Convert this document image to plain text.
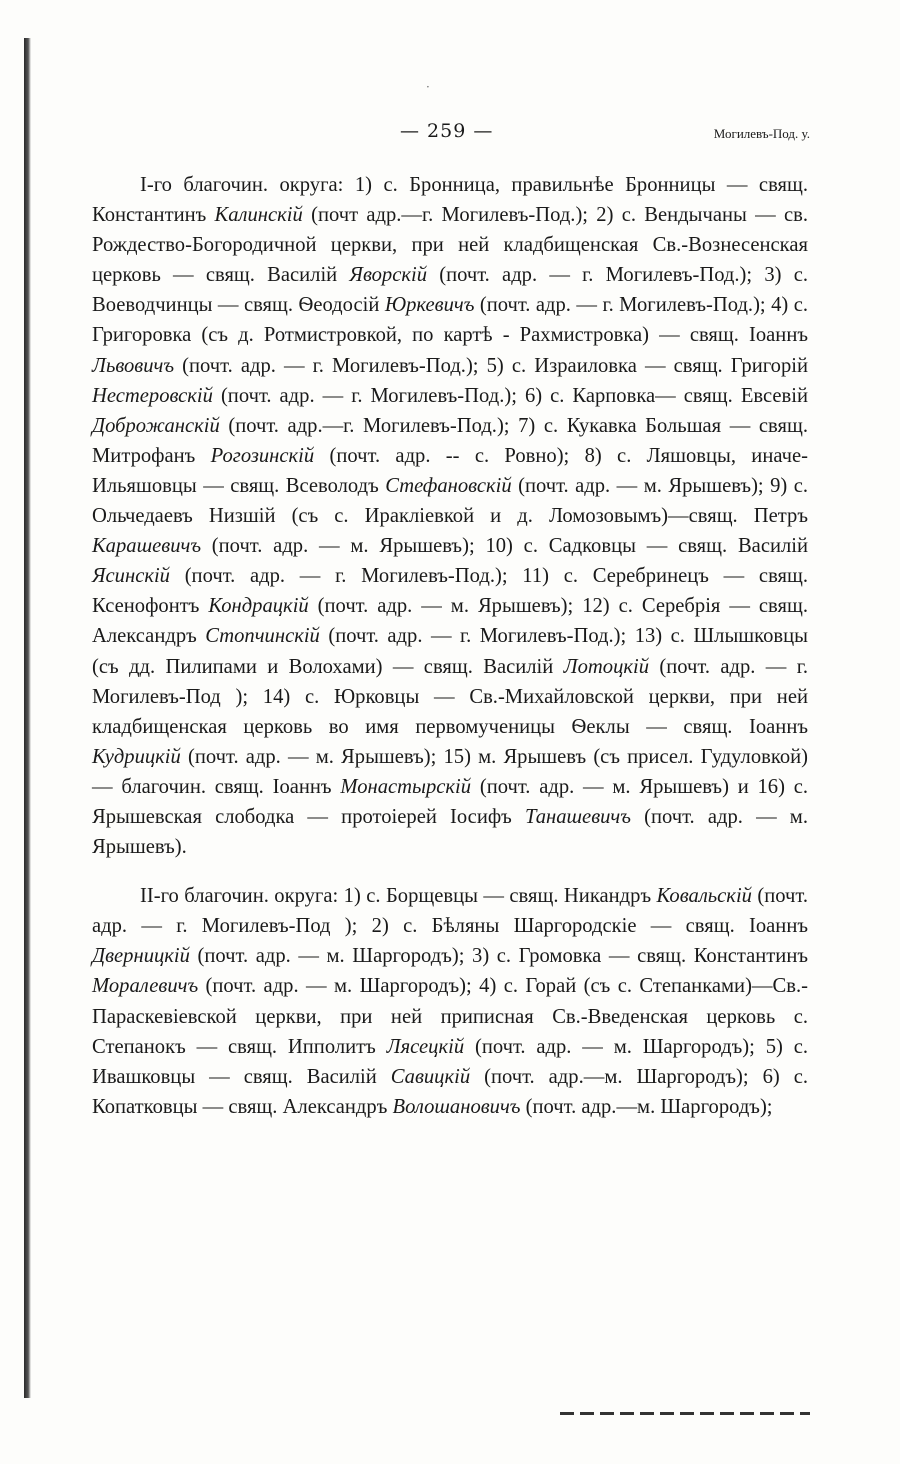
·
— 259 —	Могилевъ-Под. у.

I-го благочин. округа: 1) с. Бронница, правильнѣе Бронницы — свящ. Константинъ Калинскій (почт адр.—г. Могилевъ-Под.); 2) с. Вендычаны — св. Рождество-Богородичной церкви, при ней кладбищенская Св.-Вознесенская церковь — свящ. Василій Яворскій (почт. адр. — г. Могилевъ-Под.); 3) с. Воеводчинцы — свящ. Ѳеодосій Юркевичъ (почт. адр. — г. Могилевъ-Под.); 4) с. Григоровка (съ д. Ротмистровкой, по картѣ - Рахмистровка) — свящ. Іоаннъ Львовичъ (почт. адр. — г. Могилевъ-Под.); 5) с. Израиловка — свящ. Григорій Нестеровскій (почт. адр. — г. Могилевъ-Под.); 6) с. Карповка— свящ. Евсевій Доброжанскій (почт. адр.—г. Могилевъ-Под.); 7) с. Кукавка Большая — свящ. Митрофанъ Рогозинскій (почт. адр. -- с. Ровно); 8) с. Ляшовцы, иначе-Ильяшовцы — свящ. Всеволодъ Стефановскій (почт. адр. — м. Ярышевъ); 9) с. Ольчедаевъ Низшій (съ с. Иракліевкой и д. Ломозовымъ)—свящ. Петръ Карашевичъ (почт. адр. — м. Ярышевъ); 10) с. Садковцы — свящ. Василій Ясинскій (почт. адр. — г. Могилевъ-Под.); 11) с. Серебринецъ — свящ. Ксенофонтъ Кондрацкій (почт. адр. — м. Ярышевъ); 12) с. Серебрія — свящ. Александръ Стопчинскій (почт. адр. — г. Могилевъ-Под.); 13) с. Шлышковцы (съ дд. Пилипами и Волохами) — свящ. Василій Лотоцкій (почт. адр. — г. Могилевъ-Под ); 14) с. Юрковцы — Св.-Михайловской церкви, при ней кладбищенская церковь во имя первомученицы Ѳеклы — свящ. Іоаннъ Кудрицкій (почт. адр. — м. Ярышевъ); 15) м. Ярышевъ (съ присел. Гудуловкой) — благочин. свящ. Іоаннъ Монастырскій (почт. адр. — м. Ярышевъ) и 16) с. Ярышевская слободка — протоіерей Іосифъ Танашевичъ (почт. адр. — м. Ярышевъ).

II-го благочин. округа: 1) с. Борщевцы — свящ. Никандръ Ковальскій (почт. адр. — г. Могилевъ-Под ); 2) с. Бѣляны Шаргородскіе — свящ. Іоаннъ Дверницкій (почт. адр. — м. Шаргородъ); 3) с. Громовка — свящ. Константинъ Моралевичъ (почт. адр. — м. Шаргородъ); 4) с. Горай (съ с. Степанками)—Св.-Параскевіевской церкви, при ней приписная Св.-Введенская церковь с. Степанокъ — свящ. Ипполитъ Лясецкій (почт. адр. — м. Шаргородъ); 5) с. Ивашковцы — свящ. Василій Савицкій (почт. адр.—м. Шаргородъ); 6) с. Копатковцы — свящ. Александръ Волошановичъ (почт. адр.—м. Шаргородъ);
